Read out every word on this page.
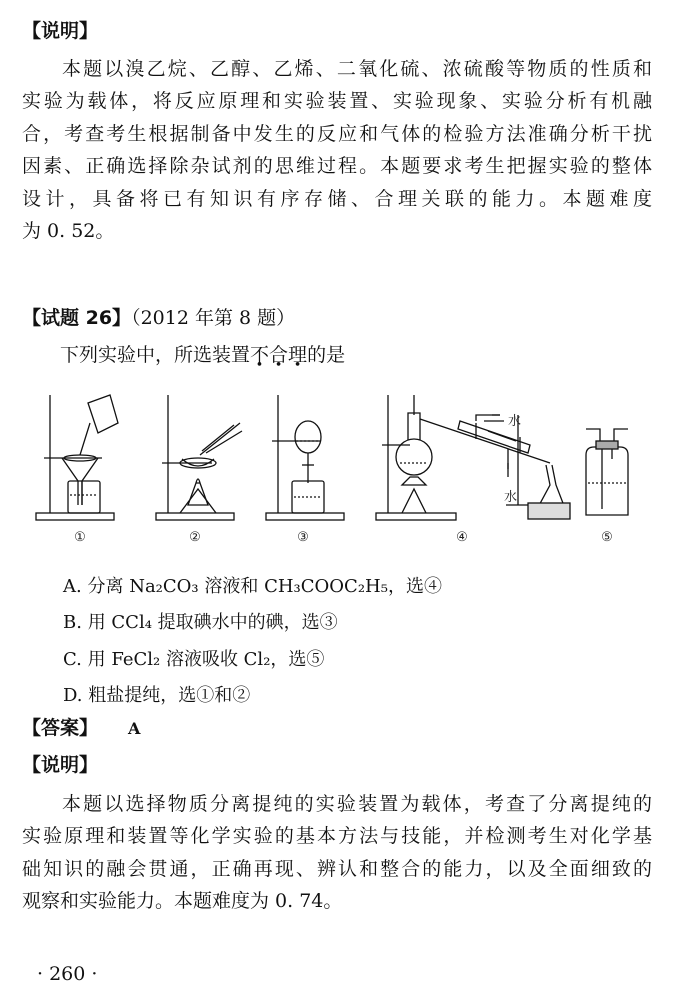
【说明】
本题以溴乙烷、乙醇、乙烯、二氧化硫、浓硫酸等物质的性质和
实验为载体，将反应原理和实验装置、实验现象、实验分析有机融
合，考查考生根据制备中发生的反应和气体的检验方法准确分析干扰
因素、正确选择除杂试剂的思维过程。本题要求考生把握实验的整体
设计，具备将已有知识有序存储、合理关联的能力。本题难度
为 0. 52。
【试题 26】（2012 年第 8 题）
下列实验中，所选装置不合理的是
水
水
①	②	③	④	⑤
A. 分离 Na₂CO₃ 溶液和 CH₃COOC₂H₅，选④
B. 用 CCl₄ 提取碘水中的碘，选③
C. 用 FeCl₂ 溶液吸收 Cl₂，选⑤
D. 粗盐提纯，选①和②
【答案】 A
【说明】
本题以选择物质分离提纯的实验装置为载体，考查了分离提纯的
实验原理和装置等化学实验的基本方法与技能，并检测考生对化学基
础知识的融会贯通，正确再现、辨认和整合的能力，以及全面细致的
观察和实验能力。本题难度为 0. 74。
· 260 ·
